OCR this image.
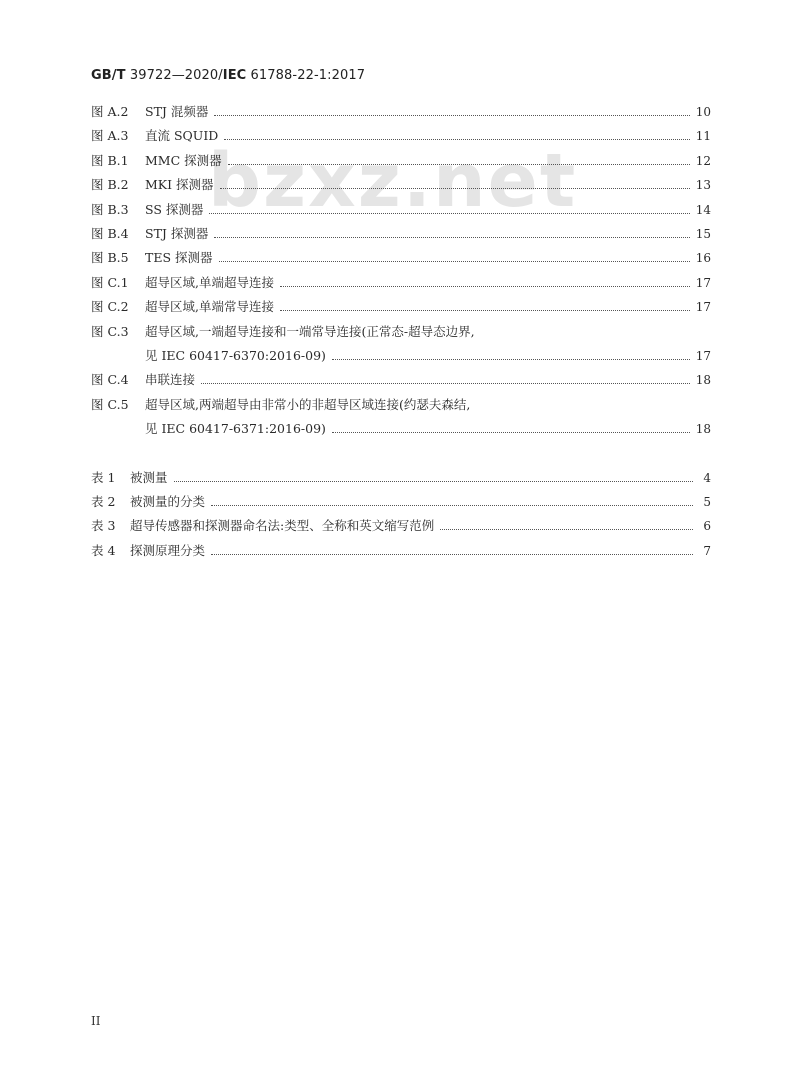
GB/T 39722—2020/IEC 61788-22-1:2017
bzxz.net
图 A.2 STJ 混频器	10
图 A.3 直流 SQUID	11
图 B.1 MMC 探测器	12
图 B.2 MKI 探测器	13
图 B.3 SS 探测器	14
图 B.4 STJ 探测器	15
图 B.5 TES 探测器	16
图 C.1 超导区域,单端超导连接	17
图 C.2 超导区域,单端常导连接	17
图 C.3 超导区域,一端超导连接和一端常导连接(正常态-超导态边界,
见 IEC 60417-6370:2016-09)	17
图 C.4 串联连接	18
图 C.5 超导区域,两端超导由非常小的非超导区域连接(约瑟夫森结,
见 IEC 60417-6371:2016-09)	18
表 1 被测量	4
表 2 被测量的分类	5
表 3 超导传感器和探测器命名法:类型、全称和英文缩写范例	6
表 4 探测原理分类	7
II
